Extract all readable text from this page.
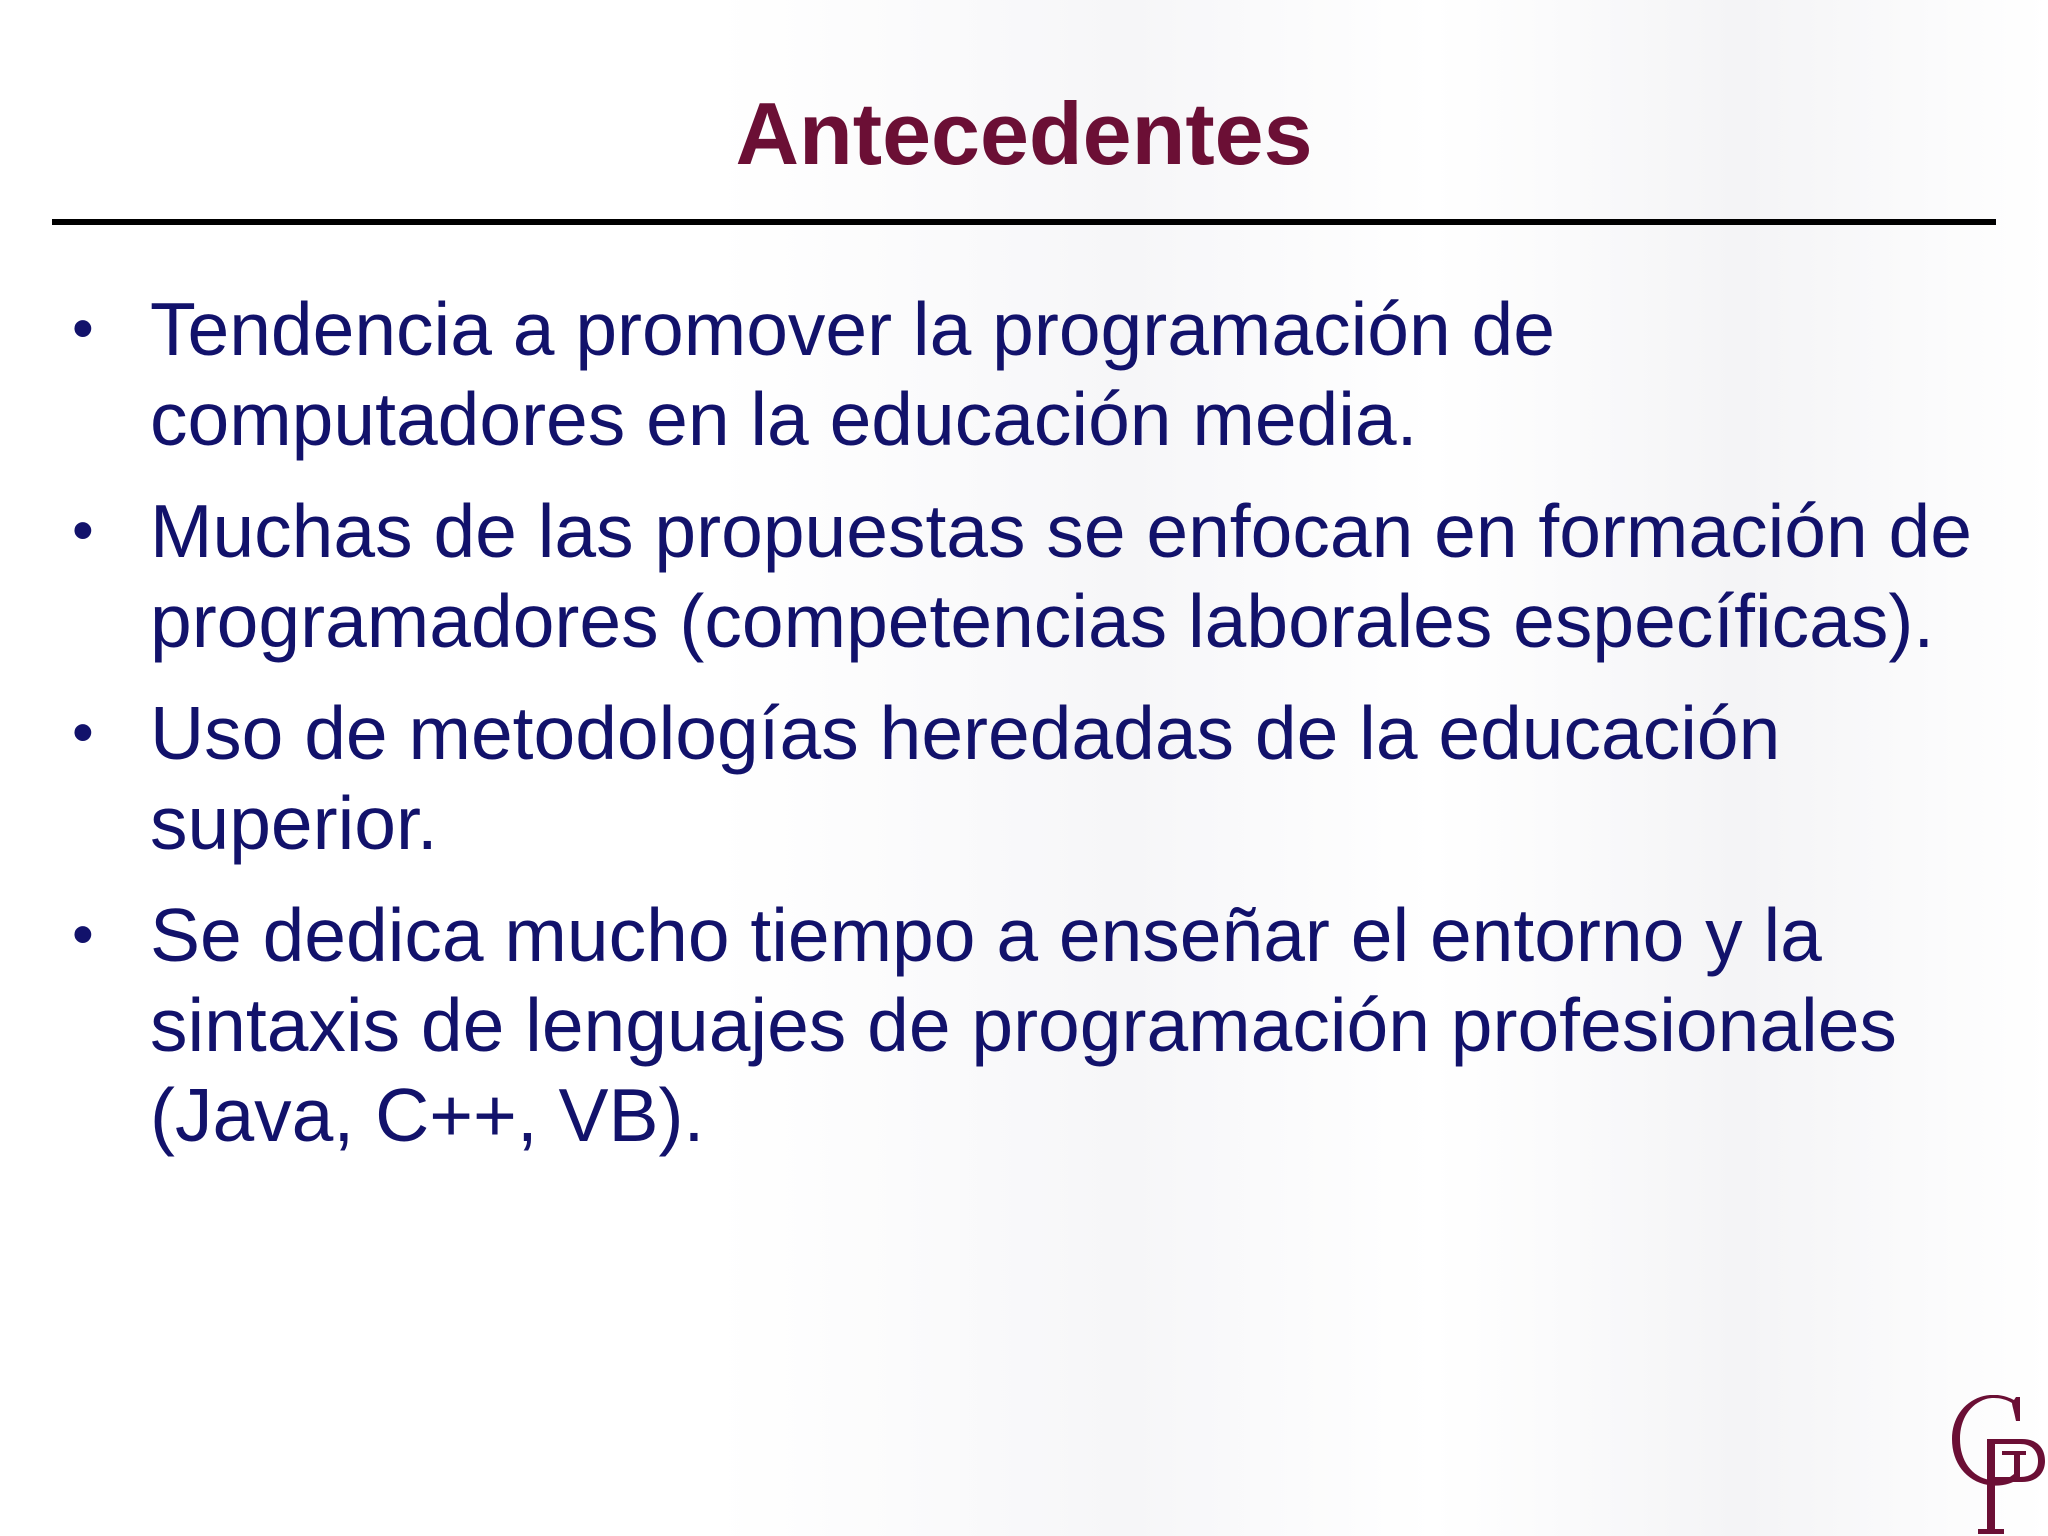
Antecedentes
• Tendencia a promover la programación de computadores en la educación media.
• Muchas de las propuestas se enfocan en formación de programadores (competencias laborales específicas).
• Uso de metodologías heredadas de la educación superior.
• Se dedica mucho tiempo a enseñar el entorno y la sintaxis de lenguajes de programación profesionales (Java, C++, VB).
